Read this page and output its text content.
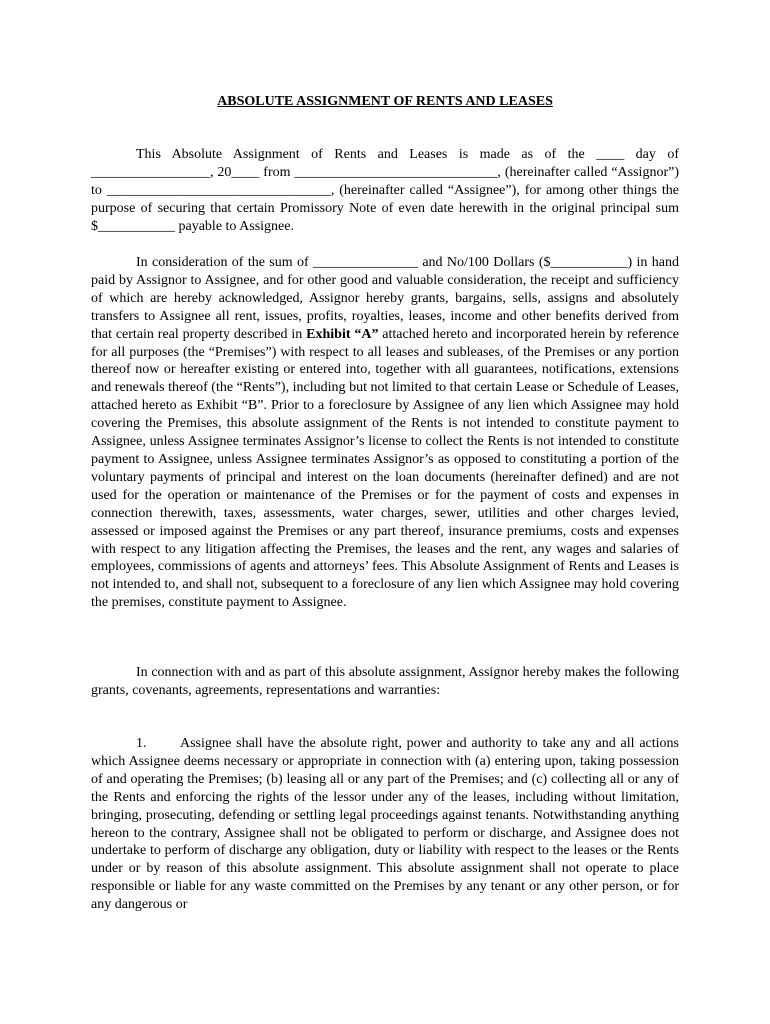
ABSOLUTE ASSIGNMENT OF RENTS AND LEASES

This Absolute Assignment of Rents and Leases is made as of the ____ day of _________________, 20____ from _____________________________, (hereinafter called “Assignor”) to ________________________________, (hereinafter called “Assignee”), for among other things the purpose of securing that certain Promissory Note of even date herewith in the original principal sum $___________ payable to Assignee.

In consideration of the sum of _______________ and No/100 Dollars ($___________) in hand paid by Assignor to Assignee, and for other good and valuable consideration, the receipt and sufficiency of which are hereby acknowledged, Assignor hereby grants, bargains, sells, assigns and absolutely transfers to Assignee all rent, issues, profits, royalties, leases, income and other benefits derived from that certain real property described in Exhibit “A” attached hereto and incorporated herein by reference for all purposes (the “Premises”) with respect to all leases and subleases, of the Premises or any portion thereof now or hereafter existing or entered into, together with all guarantees, notifications, extensions and renewals thereof (the “Rents”), including but not limited to that certain Lease or Schedule of Leases, attached hereto as Exhibit “B”. Prior to a foreclosure by Assignee of any lien which Assignee may hold covering the Premises, this absolute assignment of the Rents is not intended to constitute payment to Assignee, unless Assignee terminates Assignor’s license to collect the Rents is not intended to constitute payment to Assignee, unless Assignee terminates Assignor’s as opposed to constituting a portion of the voluntary payments of principal and interest on the loan documents (hereinafter defined) and are not used for the operation or maintenance of the Premises or for the payment of costs and expenses in connection therewith, taxes, assessments, water charges, sewer, utilities and other charges levied, assessed or imposed against the Premises or any part thereof, insurance premiums, costs and expenses with respect to any litigation affecting the Premises, the leases and the rent, any wages and salaries of employees, commissions of agents and attorneys’ fees. This Absolute Assignment of Rents and Leases is not intended to, and shall not, subsequent to a foreclosure of any lien which Assignee may hold covering the premises, constitute payment to Assignee.

In connection with and as part of this absolute assignment, Assignor hereby makes the following grants, covenants, agreements, representations and warranties:

1. Assignee shall have the absolute right, power and authority to take any and all actions which Assignee deems necessary or appropriate in connection with (a) entering upon, taking possession of and operating the Premises; (b) leasing all or any part of the Premises; and (c) collecting all or any of the Rents and enforcing the rights of the lessor under any of the leases, including without limitation, bringing, prosecuting, defending or settling legal proceedings against tenants. Notwithstanding anything hereon to the contrary, Assignee shall not be obligated to perform or discharge, and Assignee does not undertake to perform of discharge any obligation, duty or liability with respect to the leases or the Rents under or by reason of this absolute assignment. This absolute assignment shall not operate to place responsible or liable for any waste committed on the Premises by any tenant or any other person, or for any dangerous or
